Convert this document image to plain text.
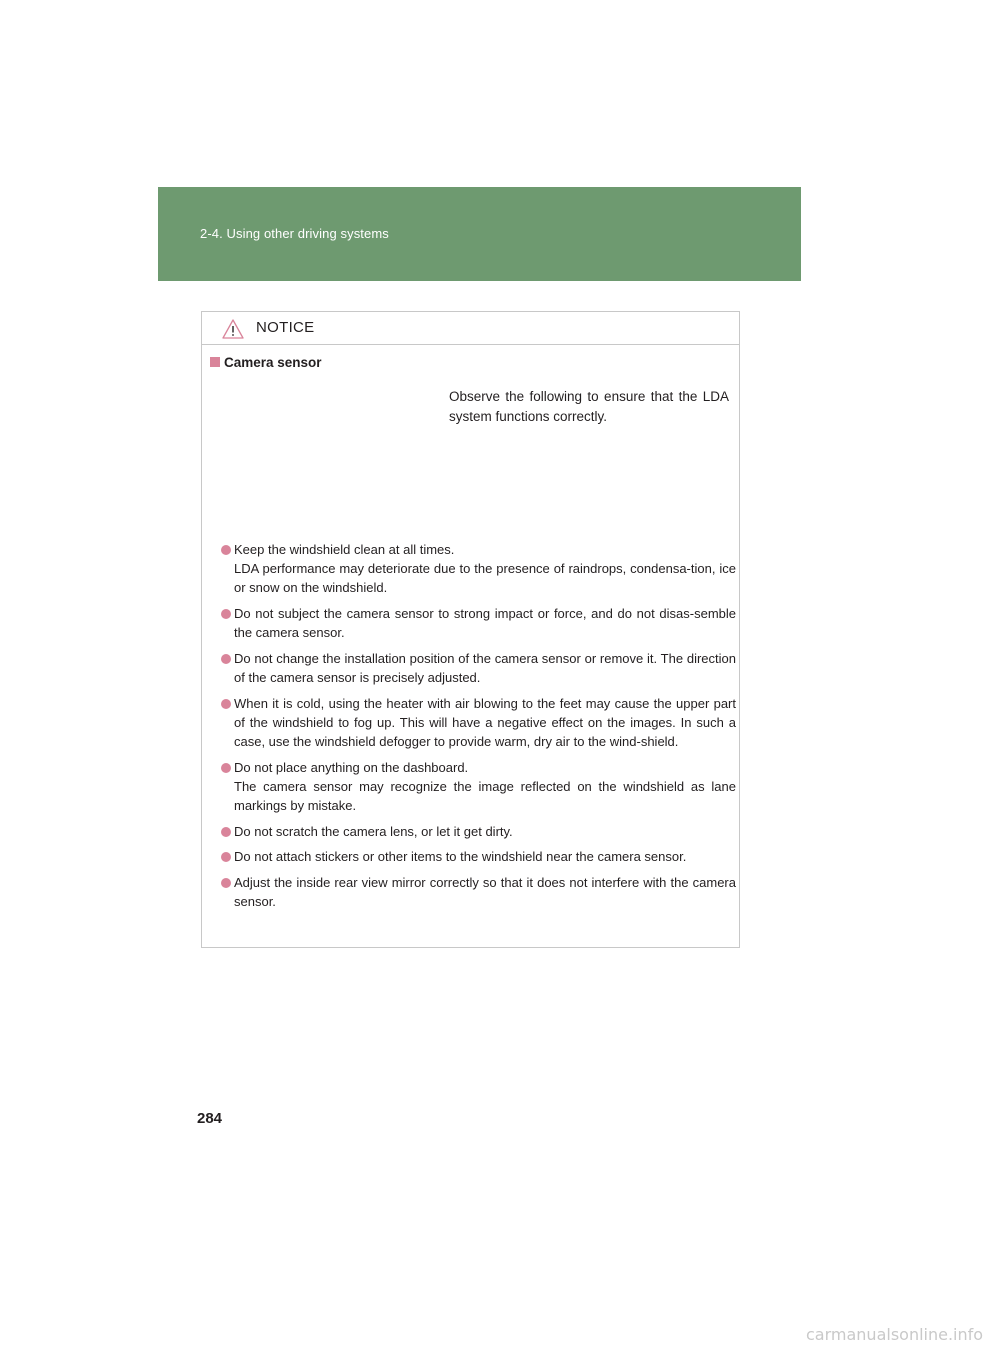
2-4. Using other driving systems
NOTICE
Camera sensor
Observe the following to ensure that the LDA system functions correctly.
Keep the windshield clean at all times.
LDA performance may deteriorate due to the presence of raindrops, condensa-tion, ice or snow on the windshield.
Do not subject the camera sensor to strong impact or force, and do not disas-semble the camera sensor.
Do not change the installation position of the camera sensor or remove it. The direction of the camera sensor is precisely adjusted.
When it is cold, using the heater with air blowing to the feet may cause the upper part of the windshield to fog up. This will have a negative effect on the images. In such a case, use the windshield defogger to provide warm, dry air to the wind-shield.
Do not place anything on the dashboard.
The camera sensor may recognize the image reflected on the windshield as lane markings by mistake.
Do not scratch the camera lens, or let it get dirty.
Do not attach stickers or other items to the windshield near the camera sensor.
Adjust the inside rear view mirror correctly so that it does not interfere with the camera sensor.
284
carmanualsonline.info
